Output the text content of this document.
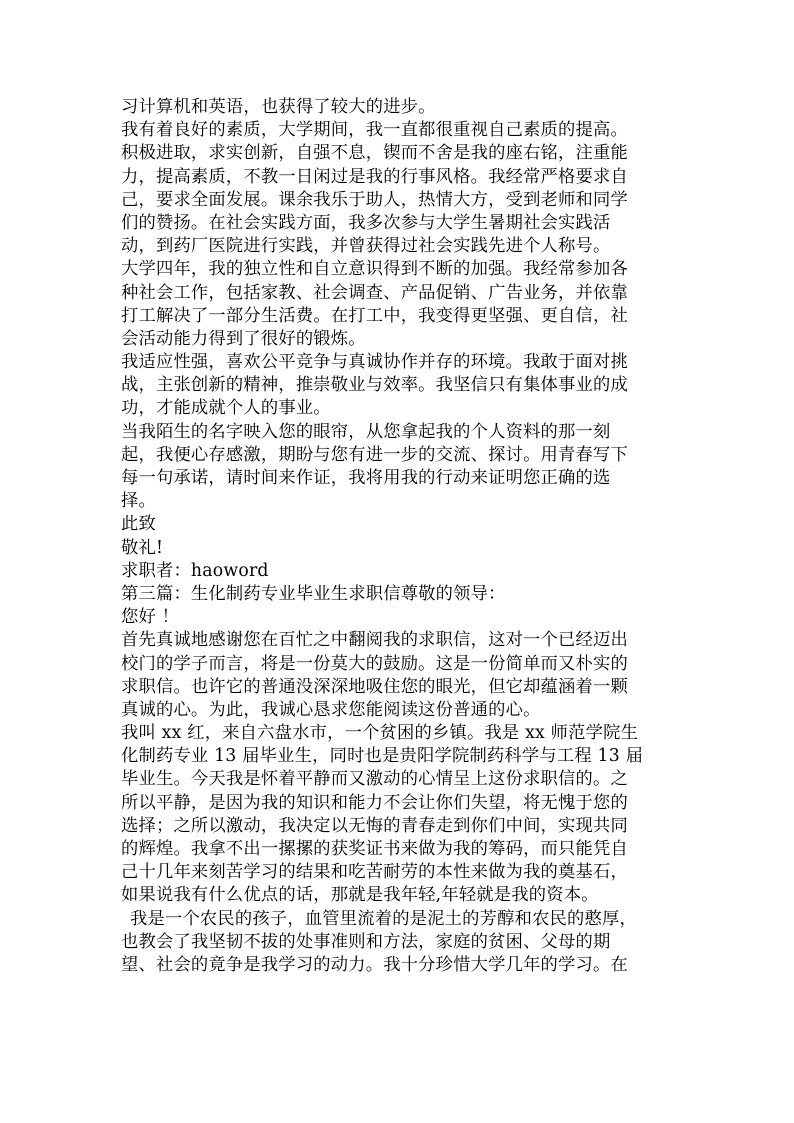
习计算机和英语，也获得了较大的进步。
我有着良好的素质，大学期间，我一直都很重视自己素质的提高。
积极进取，求实创新，自强不息，锲而不舍是我的座右铭，注重能
力，提高素质，不教一日闲过是我的行事风格。我经常严格要求自
己，要求全面发展。课余我乐于助人，热情大方，受到老师和同学
们的赞扬。在社会实践方面，我多次参与大学生暑期社会实践活
动，到药厂医院进行实践，并曾获得过社会实践先进个人称号。
大学四年，我的独立性和自立意识得到不断的加强。我经常参加各
种社会工作，包括家教、社会调查、产品促销、广告业务，并依靠
打工解决了一部分生活费。在打工中，我变得更坚强、更自信，社
会活动能力得到了很好的锻炼。
我适应性强，喜欢公平竞争与真诚协作并存的环境。我敢于面对挑
战，主张创新的精神，推崇敬业与效率。我坚信只有集体事业的成
功，才能成就个人的事业。
当我陌生的名字映入您的眼帘，从您拿起我的个人资料的那一刻
起，我便心存感激，期盼与您有进一步的交流、探讨。用青春写下
每一句承诺，请时间来作证，我将用我的行动来证明您正确的选
择。
此致
敬礼!
求职者：haoword
第三篇：生化制药专业毕业生求职信尊敬的领导：
您好 ！
首先真诚地感谢您在百忙之中翻阅我的求职信，这对一个已经迈出
校门的学子而言，将是一份莫大的鼓励。这是一份简单而又朴实的
求职信。也许它的普通没深深地吸住您的眼光，但它却蕴涵着一颗
真诚的心。为此，我诚心恳求您能阅读这份普通的心。
我叫 xx 红，来自六盘水市，一个贫困的乡镇。我是 xx 师范学院生
化制药专业 13 届毕业生，同时也是贵阳学院制药科学与工程 13 届
毕业生。今天我是怀着平静而又激动的心情呈上这份求职信的。之
所以平静，是因为我的知识和能力不会让你们失望，将无愧于您的
选择；之所以激动，我决定以无悔的青春走到你们中间，实现共同
的辉煌。我拿不出一摞摞的获奖证书来做为我的筹码，而只能凭自
己十几年来刻苦学习的结果和吃苦耐劳的本性来做为我的奠基石，
如果说我有什么优点的话，那就是我年轻,年轻就是我的资本。
我是一个农民的孩子，血管里流着的是泥土的芳醇和农民的憨厚，
也教会了我坚韧不拔的处事准则和方法，家庭的贫困、父母的期
望、社会的竟争是我学习的动力。我十分珍惜大学几年的学习。在
